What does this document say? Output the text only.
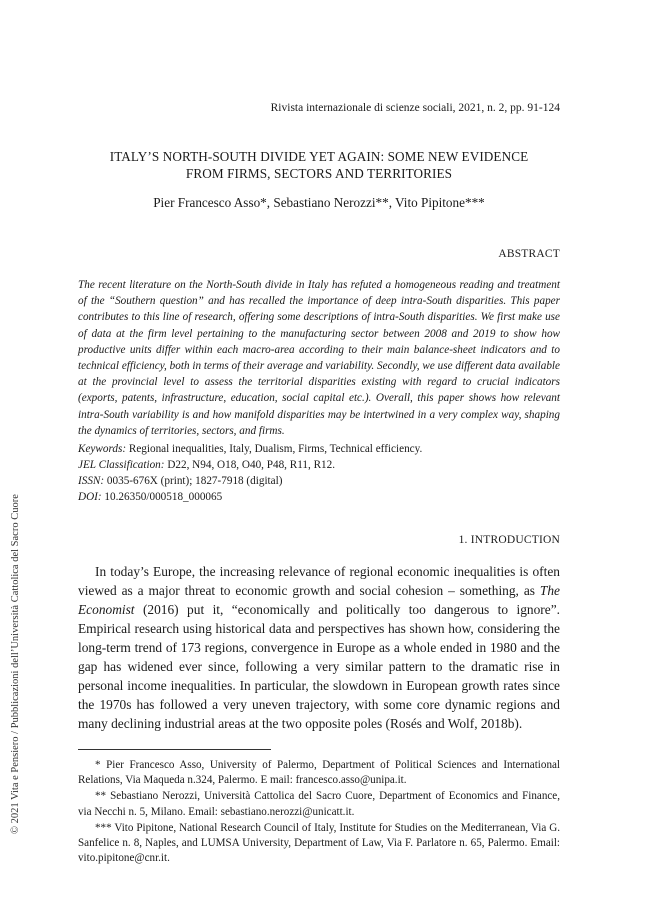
© 2021 Vita e Pensiero / Pubblicazioni dell’Università Cattolica del Sacro Cuore
Rivista internazionale di scienze sociali, 2021, n. 2, pp. 91-124
ITALY’S NORTH-SOUTH DIVIDE YET AGAIN: SOME NEW EVIDENCE
FROM FIRMS, SECTORS AND TERRITORIES
Pier Francesco Asso*, Sebastiano Nerozzi**, Vito Pipitone***
ABSTRACT

The recent literature on the North-South divide in Italy has refuted a homogeneous reading and treatment of the “Southern question” and has recalled the importance of deep intra-South disparities. This paper contributes to this line of research, offering some descriptions of intra-South disparities. We first make use of data at the firm level pertaining to the manufacturing sector between 2008 and 2019 to show how productive units differ within each macro-area according to their main balance-sheet indicators and to technical efficiency, both in terms of their average and variability. Secondly, we use different data available at the provincial level to assess the territorial disparities existing with regard to crucial indicators (exports, patents, infrastructure, education, social capital etc.). Overall, this paper shows how relevant intra-South variability is and how manifold disparities may be intertwined in a very complex way, shaping the dynamics of territories, sectors, and firms.

Keywords: Regional inequalities, Italy, Dualism, Firms, Technical efficiency.
JEL Classification: D22, N94, O18, O40, P48, R11, R12.
ISSN: 0035-676X (print); 1827-7918 (digital)
DOI: 10.26350/000518_000065
1. INTRODUCTION

In today’s Europe, the increasing relevance of regional economic inequalities is often viewed as a major threat to economic growth and social cohesion – something, as The Economist (2016) put it, “economically and politically too dangerous to ignore”. Empirical research using historical data and perspectives has shown how, considering the long-term trend of 173 regions, convergence in Europe as a whole ended in 1980 and the gap has widened ever since, following a very similar pattern to the dramatic rise in personal income inequalities. In particular, the slowdown in European growth rates since the 1970s has followed a very uneven trajectory, with some core dynamic regions and many declining industrial areas at the two opposite poles (Rosés and Wolf, 2018b).

* Pier Francesco Asso, University of Palermo, Department of Political Sciences and International Relations, Via Maqueda n.324, Palermo. E mail: francesco.asso@unipa.it.

** Sebastiano Nerozzi, Università Cattolica del Sacro Cuore, Department of Economics and Finance, via Necchi n. 5, Milano. Email: sebastiano.nerozzi@unicatt.it.

*** Vito Pipitone, National Research Council of Italy, Institute for Studies on the Mediterranean, Via G. Sanfelice n. 8, Naples, and LUMSA University, Department of Law, Via F. Parlatore n. 65, Palermo. Email: vito.pipitone@cnr.it.
